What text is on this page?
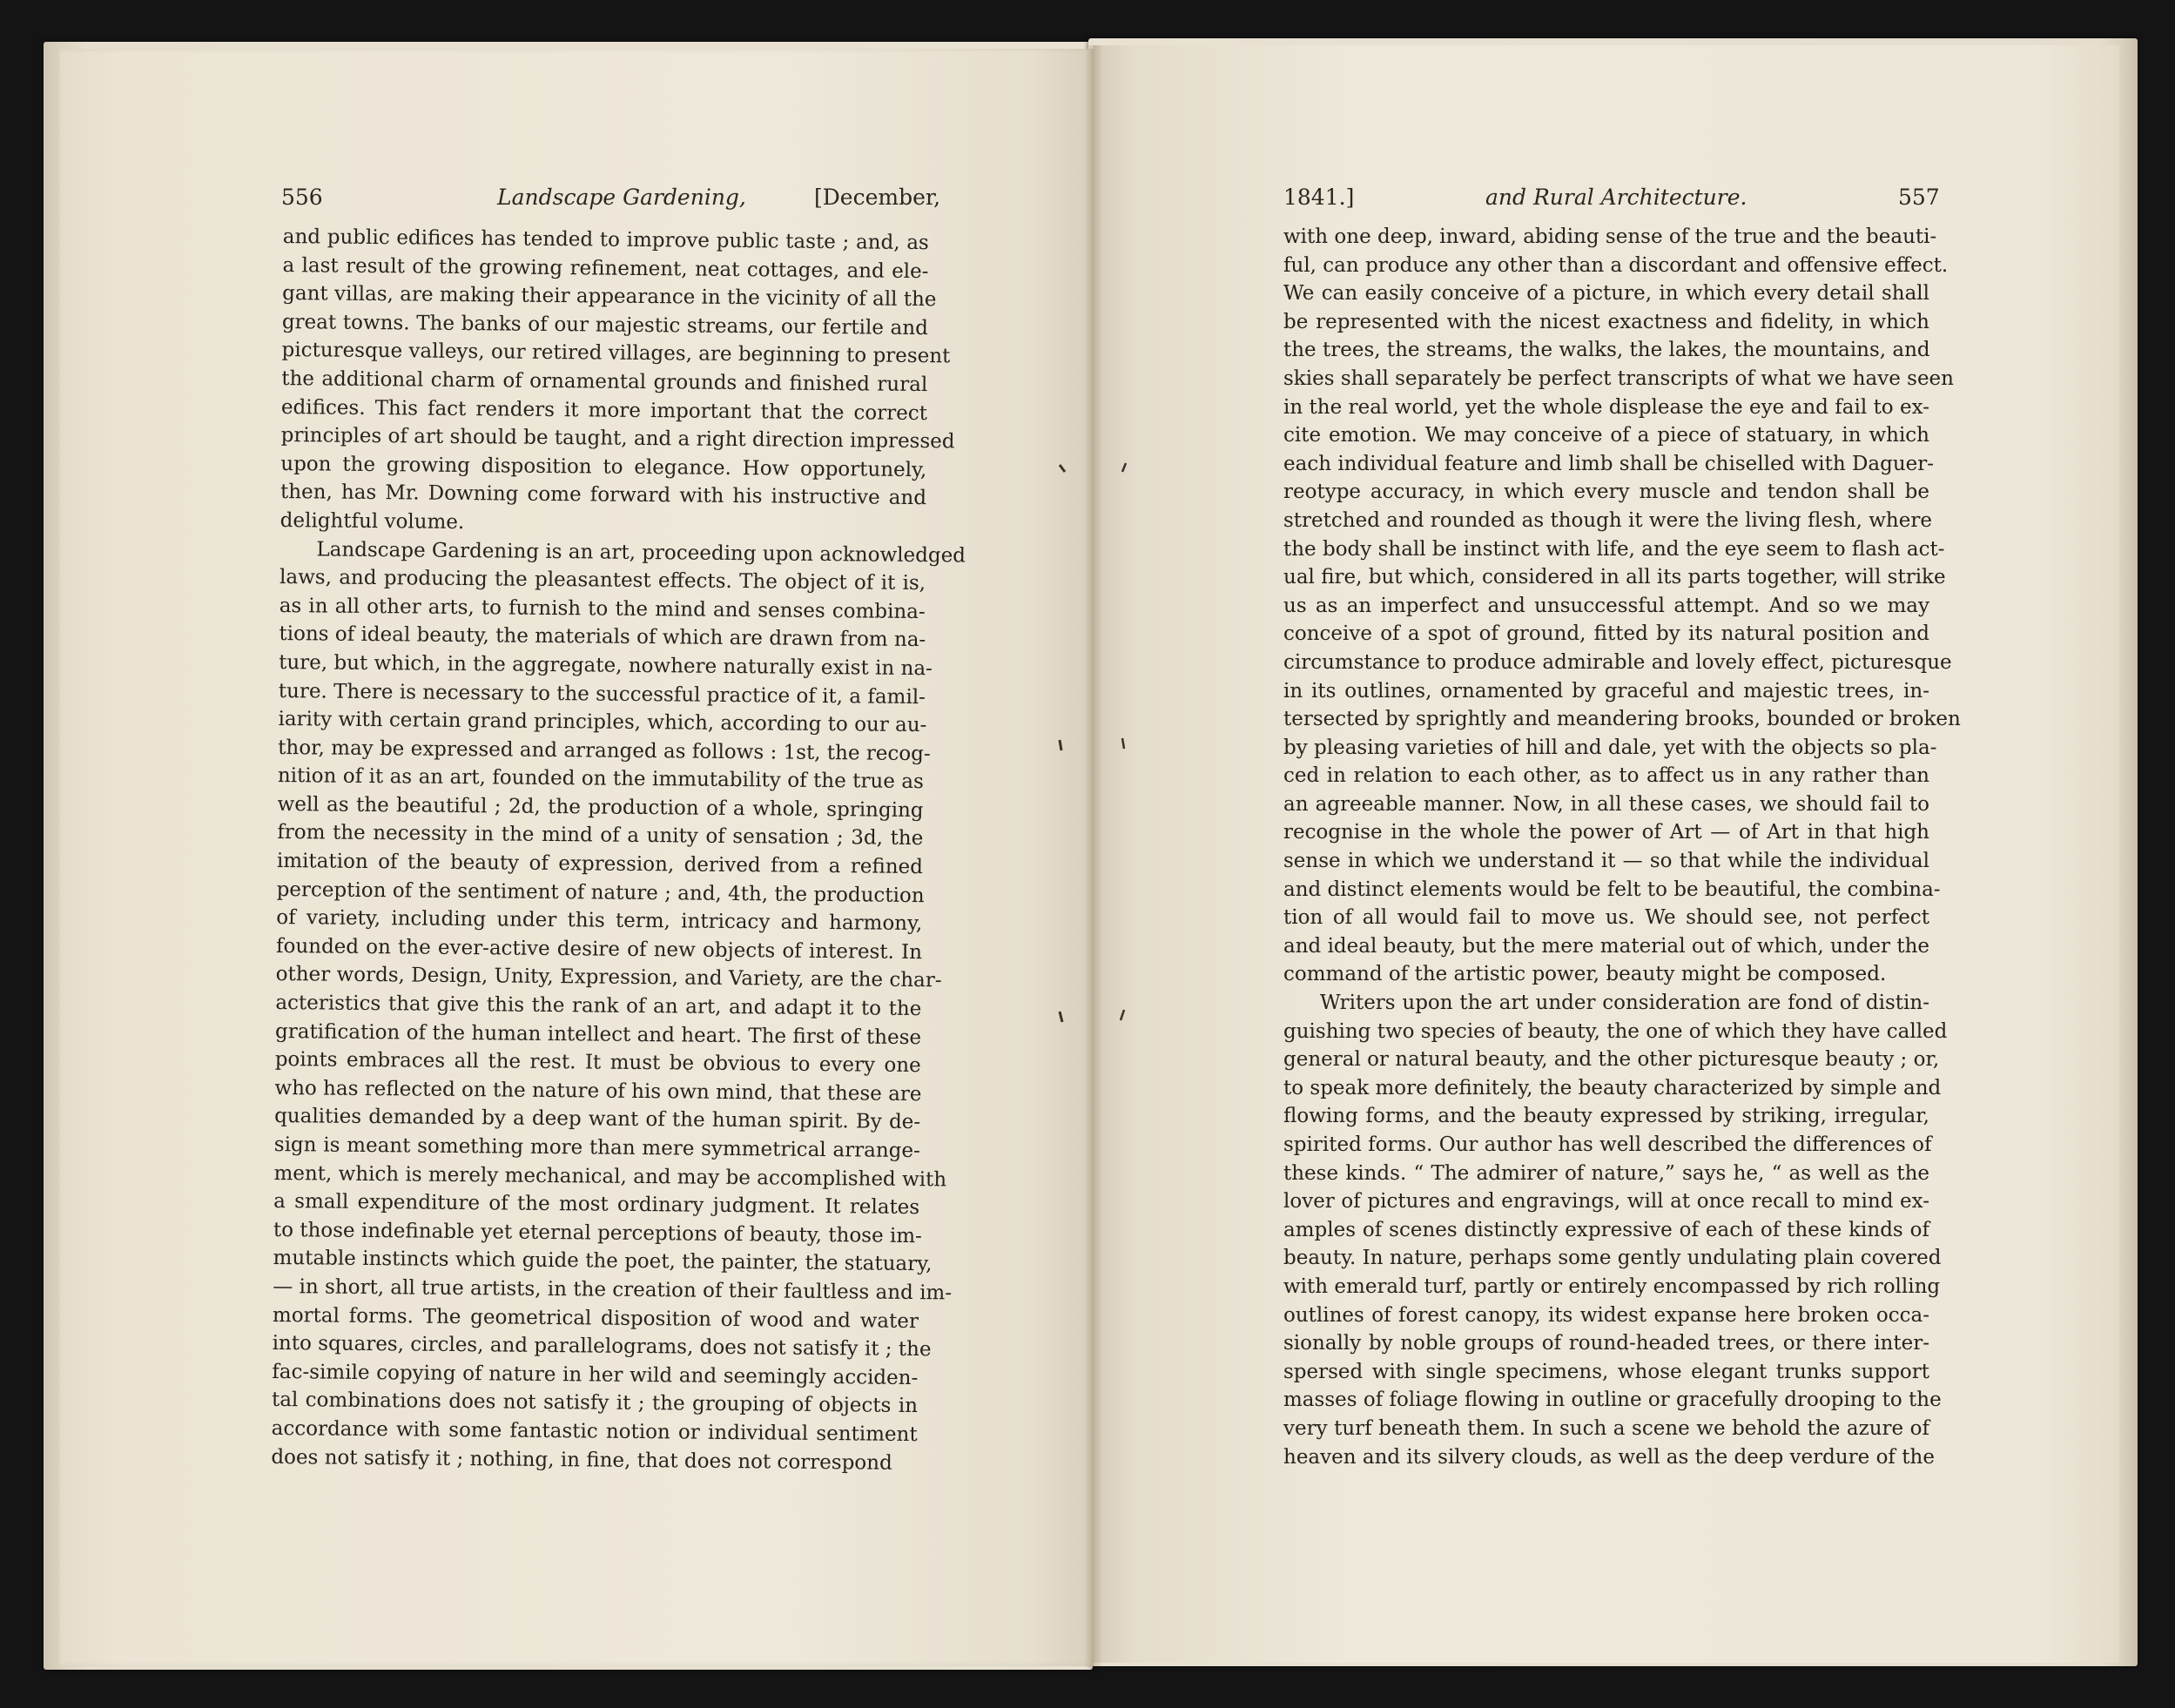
556	Landscape Gardening,	[December,	1841.]	and Rural Architecture.	557
and public edifices has tended to improve public taste ; and, as
a last result of the growing refinement, neat cottages, and ele-
gant villas, are making their appearance in the vicinity of all the
great towns. The banks of our majestic streams, our fertile and
picturesque valleys, our retired villages, are beginning to present
the additional charm of ornamental grounds and finished rural
edifices. This fact renders it more important that the correct
principles of art should be taught, and a right direction impressed
upon the growing disposition to elegance. How opportunely,
then, has Mr. Downing come forward with his instructive and
delightful volume.
Landscape Gardening is an art, proceeding upon acknowledged
laws, and producing the pleasantest effects. The object of it is,
as in all other arts, to furnish to the mind and senses combina-
tions of ideal beauty, the materials of which are drawn from na-
ture, but which, in the aggregate, nowhere naturally exist in na-
ture. There is necessary to the successful practice of it, a famil-
iarity with certain grand principles, which, according to our au-
thor, may be expressed and arranged as follows : 1st, the recog-
nition of it as an art, founded on the immutability of the true as
well as the beautiful ; 2d, the production of a whole, springing
from the necessity in the mind of a unity of sensation ; 3d, the
imitation of the beauty of expression, derived from a refined
perception of the sentiment of nature ; and, 4th, the production
of variety, including under this term, intricacy and harmony,
founded on the ever-active desire of new objects of interest. In
other words, Design, Unity, Expression, and Variety, are the char-
acteristics that give this the rank of an art, and adapt it to the
gratification of the human intellect and heart. The first of these
points embraces all the rest. It must be obvious to every one
who has reflected on the nature of his own mind, that these are
qualities demanded by a deep want of the human spirit. By de-
sign is meant something more than mere symmetrical arrange-
ment, which is merely mechanical, and may be accomplished with
a small expenditure of the most ordinary judgment. It relates
to those indefinable yet eternal perceptions of beauty, those im-
mutable instincts which guide the poet, the painter, the statuary,
— in short, all true artists, in the creation of their faultless and im-
mortal forms. The geometrical disposition of wood and water
into squares, circles, and parallelograms, does not satisfy it ; the
fac-simile copying of nature in her wild and seemingly acciden-
tal combinations does not satisfy it ; the grouping of objects in
accordance with some fantastic notion or individual sentiment
does not satisfy it ; nothing, in fine, that does not correspond
with one deep, inward, abiding sense of the true and the beauti-
ful, can produce any other than a discordant and offensive effect.
We can easily conceive of a picture, in which every detail shall
be represented with the nicest exactness and fidelity, in which
the trees, the streams, the walks, the lakes, the mountains, and
skies shall separately be perfect transcripts of what we have seen
in the real world, yet the whole displease the eye and fail to ex-
cite emotion. We may conceive of a piece of statuary, in which
each individual feature and limb shall be chiselled with Daguer-
reotype accuracy, in which every muscle and tendon shall be
stretched and rounded as though it were the living flesh, where
the body shall be instinct with life, and the eye seem to flash act-
ual fire, but which, considered in all its parts together, will strike
us as an imperfect and unsuccessful attempt. And so we may
conceive of a spot of ground, fitted by its natural position and
circumstance to produce admirable and lovely effect, picturesque
in its outlines, ornamented by graceful and majestic trees, in-
tersected by sprightly and meandering brooks, bounded or broken
by pleasing varieties of hill and dale, yet with the objects so pla-
ced in relation to each other, as to affect us in any rather than
an agreeable manner. Now, in all these cases, we should fail to
recognise in the whole the power of Art — of Art in that high
sense in which we understand it — so that while the individual
and distinct elements would be felt to be beautiful, the combina-
tion of all would fail to move us. We should see, not perfect
and ideal beauty, but the mere material out of which, under the
command of the artistic power, beauty might be composed.
Writers upon the art under consideration are fond of distin-
guishing two species of beauty, the one of which they have called
general or natural beauty, and the other picturesque beauty ; or,
to speak more definitely, the beauty characterized by simple and
flowing forms, and the beauty expressed by striking, irregular,
spirited forms. Our author has well described the differences of
these kinds. “ The admirer of nature,” says he, “ as well as the
lover of pictures and engravings, will at once recall to mind ex-
amples of scenes distinctly expressive of each of these kinds of
beauty. In nature, perhaps some gently undulating plain covered
with emerald turf, partly or entirely encompassed by rich rolling
outlines of forest canopy, its widest expanse here broken occa-
sionally by noble groups of round-headed trees, or there inter-
spersed with single specimens, whose elegant trunks support
masses of foliage flowing in outline or gracefully drooping to the
very turf beneath them. In such a scene we behold the azure of
heaven and its silvery clouds, as well as the deep verdure of the
